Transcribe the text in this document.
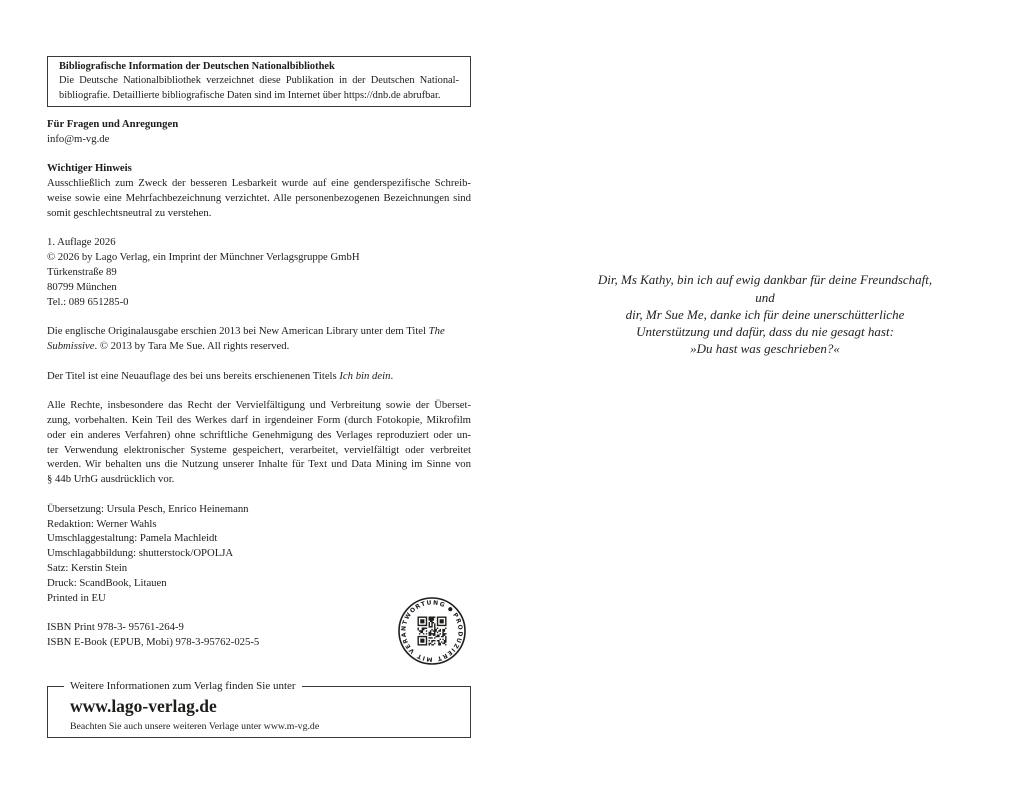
Bibliografische Information der Deutschen Nationalbibliothek
Die Deutsche Nationalbibliothek verzeichnet diese Publikation in der Deutschen National-
bibliografie. Detaillierte bibliografische Daten sind im Internet über https://dnb.de abrufbar.
Für Fragen und Anregungen
info@m-vg.de
Wichtiger Hinweis
Ausschließlich zum Zweck der besseren Lesbarkeit wurde auf eine genderspezifische Schreib-
weise sowie eine Mehrfachbezeichnung verzichtet. Alle personenbezogenen Bezeichnungen sind
somit geschlechtsneutral zu verstehen.
1. Auflage 2026
© 2026 by Lago Verlag, ein Imprint der Münchner Verlagsgruppe GmbH
Türkenstraße 89
80799 München
Tel.: 089 651285-0
Die englische Originalausgabe erschien 2013 bei New American Library unter dem Titel The
Submissive. © 2013 by Tara Me Sue. All rights reserved.
Der Titel ist eine Neuauflage des bei uns bereits erschienenen Titels Ich bin dein.
Alle Rechte, insbesondere das Recht der Vervielfältigung und Verbreitung sowie der Überset-
zung, vorbehalten. Kein Teil des Werkes darf in irgendeiner Form (durch Fotokopie, Mikrofilm
oder ein anderes Verfahren) ohne schriftliche Genehmigung des Verlages reproduziert oder un-
ter Verwendung elektronischer Systeme gespeichert, verarbeitet, vervielfältigt oder verbreitet
werden. Wir behalten uns die Nutzung unserer Inhalte für Text und Data Mining im Sinne von
§ 44b UrhG ausdrücklich vor.
Übersetzung: Ursula Pesch, Enrico Heinemann
Redaktion: Werner Wahls
Umschlaggestaltung: Pamela Machleidt
Umschlagabbildung: shutterstock/OPOLJA
Satz: Kerstin Stein
Druck: ScandBook, Litauen
Printed in EU
ISBN Print 978-3- 95761-264-9
ISBN E-Book (EPUB, Mobi) 978-3-95762-025-5
PRODUZIERT MIT VERANTWORTUNG
Weitere Informationen zum Verlag finden Sie unter
www.lago-verlag.de
Beachten Sie auch unsere weiteren Verlage unter www.m-vg.de
Dir, Ms Kathy, bin ich auf ewig dankbar für deine Freundschaft,
und
dir, Mr Sue Me, danke ich für deine unerschütterliche
Unterstützung und dafür, dass du nie gesagt hast:
»Du hast was geschrieben?«
